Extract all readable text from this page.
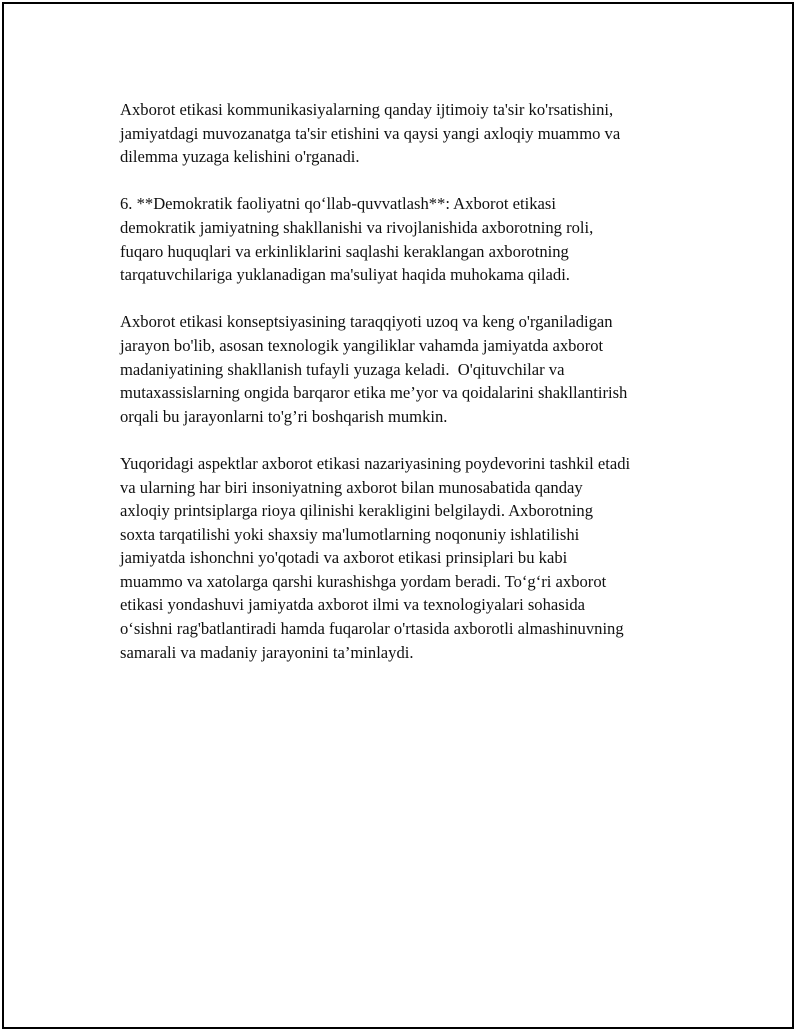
Axborot etikasi kommunikasiyalarning qanday ijtimoiy ta'sir ko'rsatishini,
jamiyatdagi muvozanatga ta'sir etishini va qaysi yangi axloqiy muammo va
dilemma yuzaga kelishini o'rganadi.

6. **Demokratik faoliyatni qo‘llab-quvvatlash**: Axborot etikasi
demokratik jamiyatning shakllanishi va rivojlanishida axborotning roli,
fuqaro huquqlari va erkinliklarini saqlashi keraklangan axborotning
tarqatuvchilariga yuklanadigan ma'suliyat haqida muhokama qiladi.

Axborot etikasi konseptsiyasining taraqqiyoti uzoq va keng o'rganiladigan
jarayon bo'lib, asosan texnologik yangiliklar vahamda jamiyatda axborot
madaniyatining shakllanish tufayli yuzaga keladi.  O'qituvchilar va
mutaxassislarning ongida barqaror etika me’yor va qoidalarini shakllantirish
orqali bu jarayonlarni to'g’ri boshqarish mumkin.

Yuqoridagi aspektlar axborot etikasi nazariyasining poydevorini tashkil etadi
va ularning har biri insoniyatning axborot bilan munosabatida qanday
axloqiy printsiplarga rioya qilinishi kerakligini belgilaydi. Axborotning
soxta tarqatilishi yoki shaxsiy ma'lumotlarning noqonuniy ishlatilishi
jamiyatda ishonchni yo'qotadi va axborot etikasi prinsiplari bu kabi
muammo va xatolarga qarshi kurashishga yordam beradi. To‘g‘ri axborot
etikasi yondashuvi jamiyatda axborot ilmi va texnologiyalari sohasida
o‘sishni rag'batlantiradi hamda fuqarolar o'rtasida axborotli almashinuvning
samarali va madaniy jarayonini ta’minlaydi.
